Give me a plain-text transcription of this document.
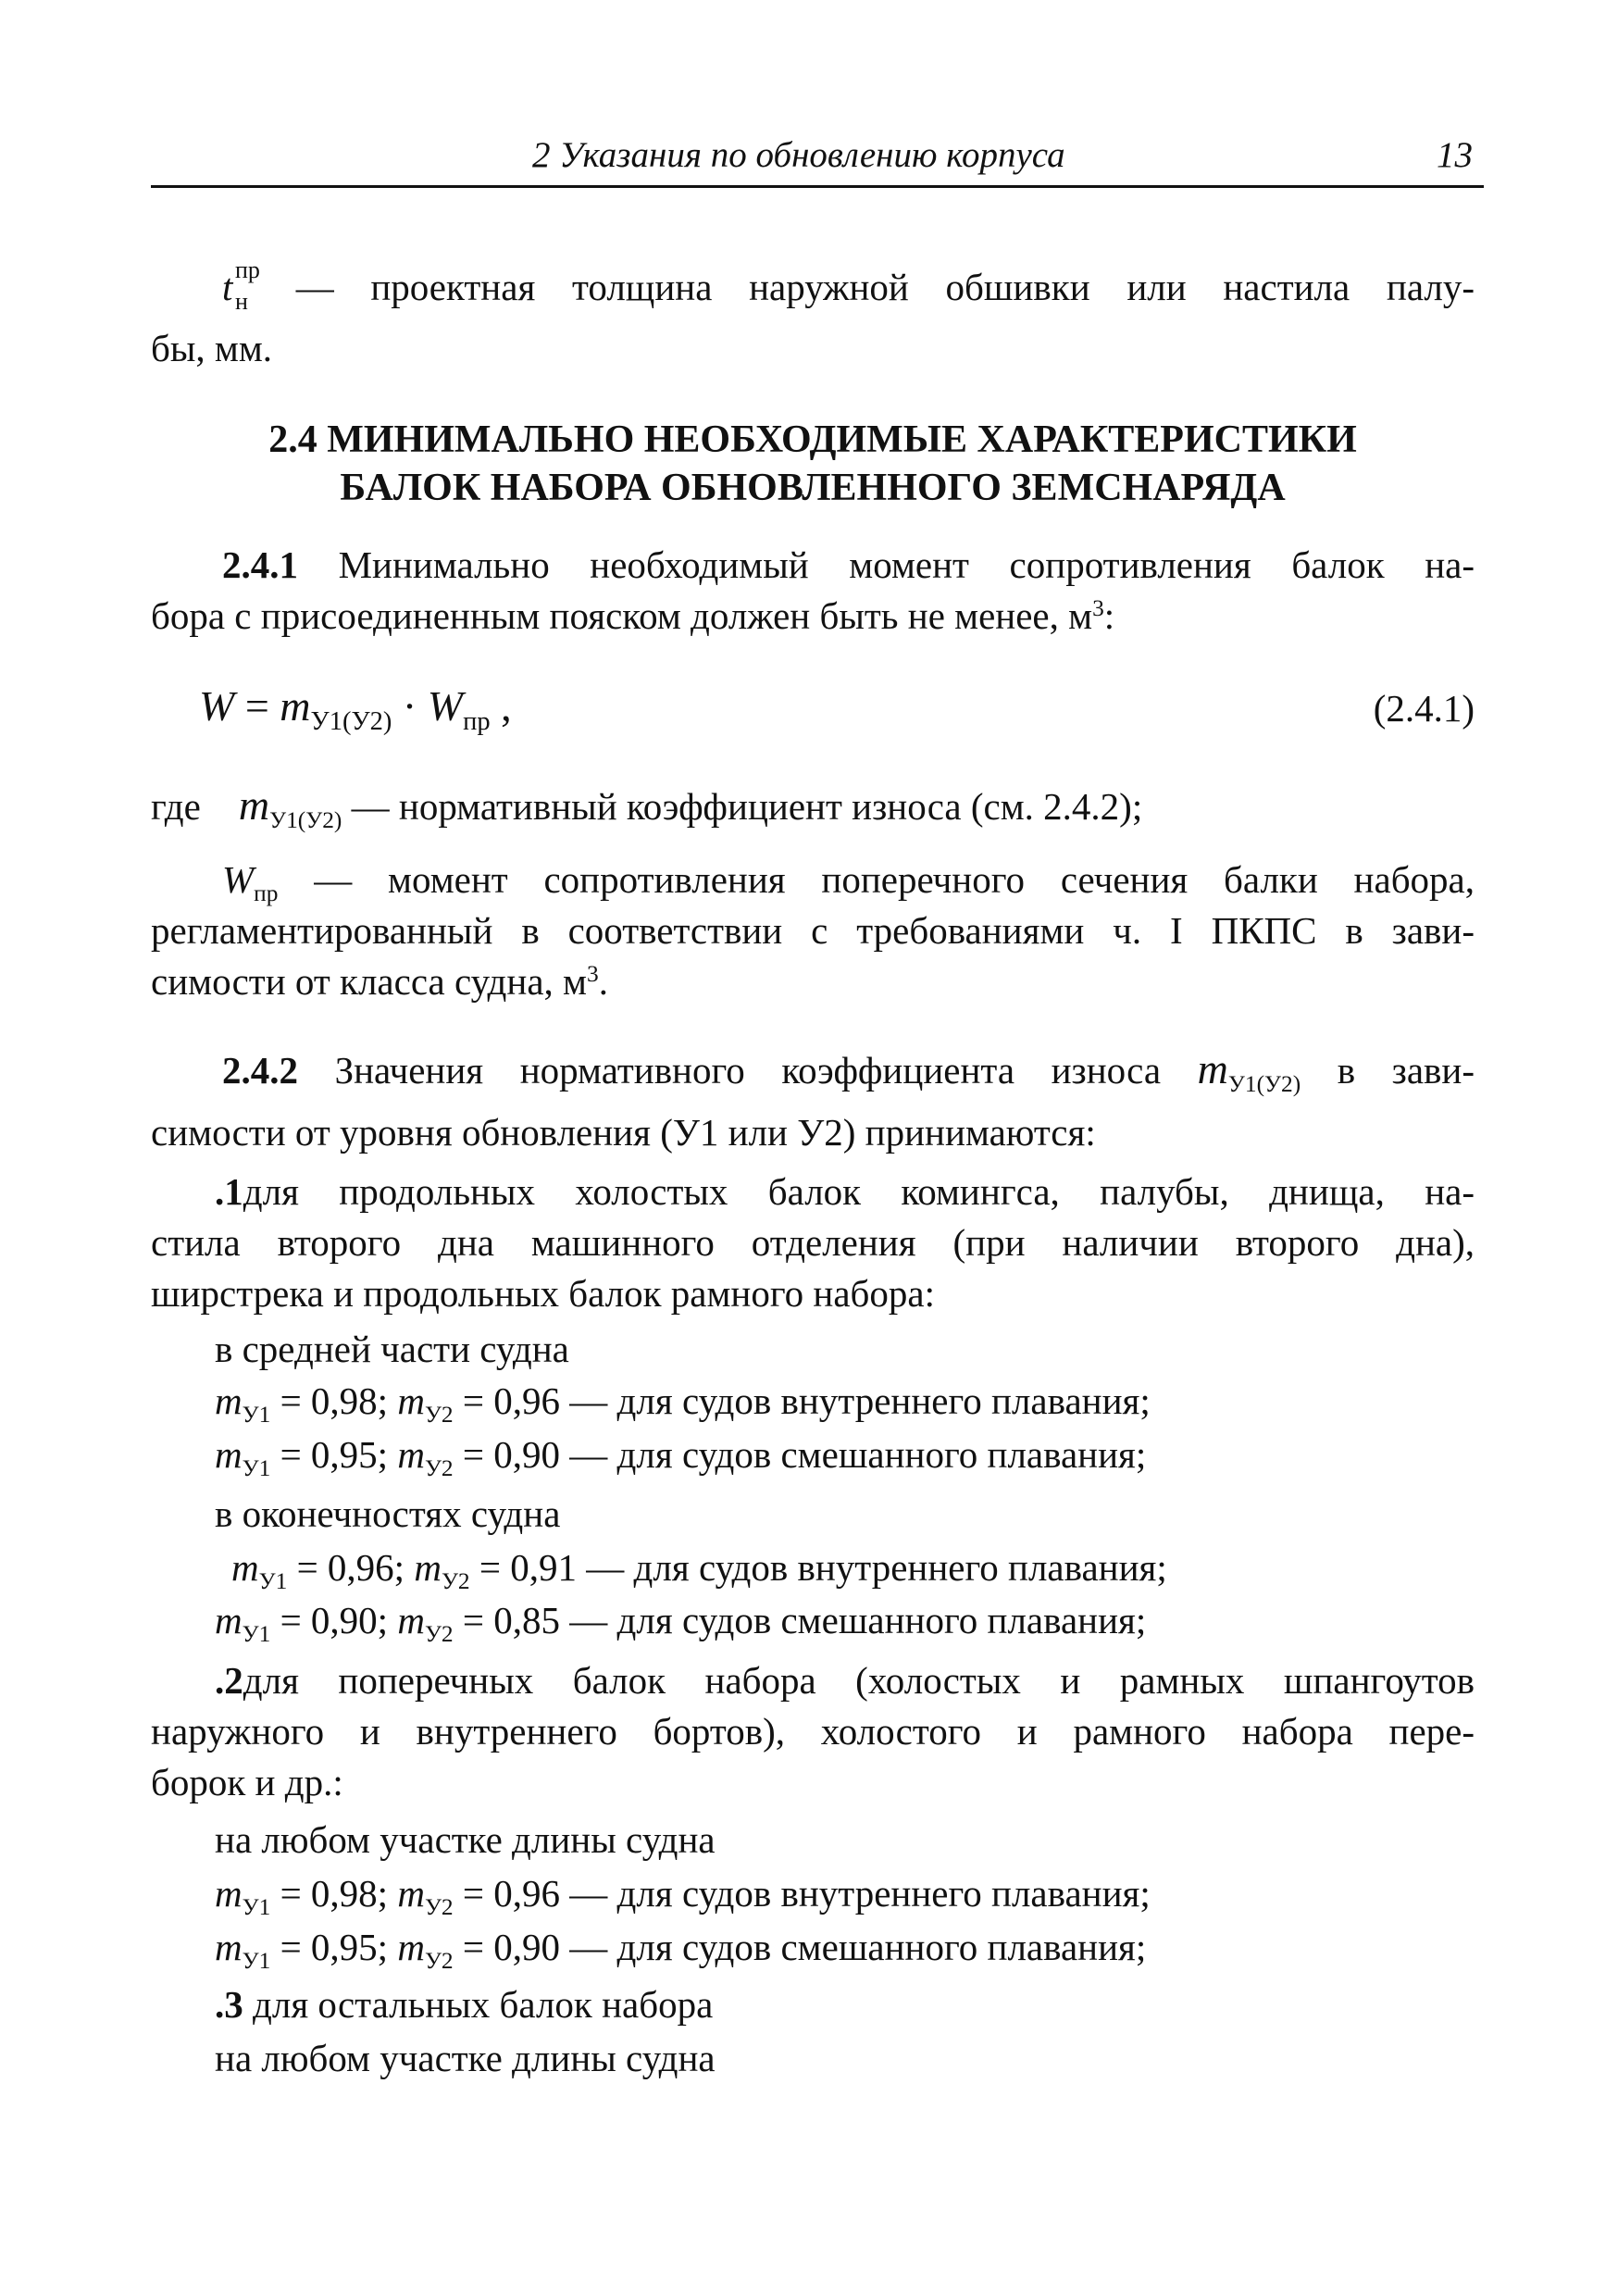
2 Указания по обновлению корпуса	13
t пр
н — проектная толщина наружной обшивки или настила палу-
бы, мм.
2.4 МИНИМАЛЬНО НЕОБХОДИМЫЕ ХАРАКТЕРИСТИКИ
БАЛОК НАБОРА ОБНОВЛЕННОГО ЗЕМСНАРЯДА
2.4.1 Минимально необходимый момент сопротивления балок на-
бора с присоединенным пояском должен быть не менее, $м^3$:
$W = m_{У1(У2)} \cdot W_{пр}$ ,	(2.4.1)
где $m_{У1(У2)}$ — нормативный коэффициент износа (см. 2.4.2);
$W_{пр}$ — момент сопротивления поперечного сечения балки набора,
регламентированный в соответствии с требованиями ч. I ПКПС в зави-
симости от класса судна, $м^3$.
2.4.2 Значения нормативного коэффициента износа $m_{У1(У2)}$ в зави-
симости от уровня обновления (У1 или У2) принимаются:
.1для продольных холостых балок комингса, палубы, днища, на-
стила второго дна машинного отделения (при наличии второго дна),
ширстрека и продольных балок рамного набора:
в средней части судна
$m_{У1} = 0,98$; $m_{У2} = 0,96$ — для судов внутреннего плавания;
$m_{У1} = 0,95$; $m_{У2} = 0,90$ — для судов смешанного плавания;
в оконечностях судна
$m_{У1} = 0,96$; $m_{У2} = 0,91$ — для судов внутреннего плавания;
$m_{У1} = 0,90$; $m_{У2} = 0,85$ — для судов смешанного плавания;
.2для поперечных балок набора (холостых и рамных шпангоутов
наружного и внутреннего бортов), холостого и рамного набора пере-
борок и др.:
на любом участке длины судна
$m_{У1} = 0,98$; $m_{У2} = 0,96$ — для судов внутреннего плавания;
$m_{У1} = 0,95$; $m_{У2} = 0,90$ — для судов смешанного плавания;
.3 для остальных балок набора
на любом участке длины судна
